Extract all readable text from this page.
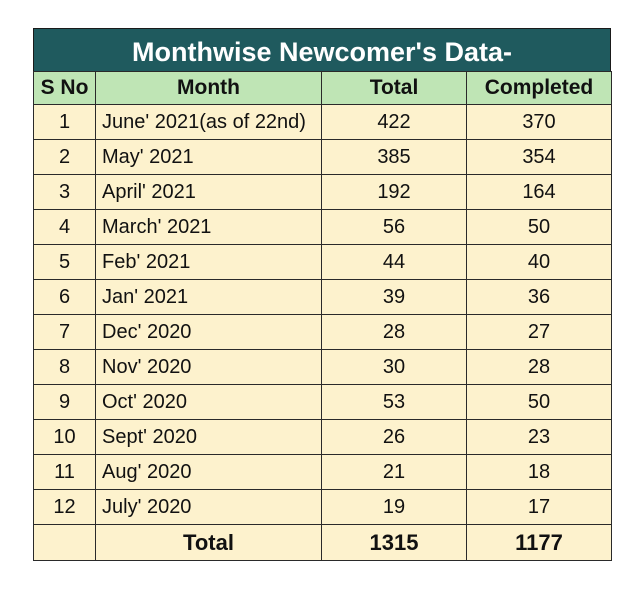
Monthwise Newcomer's Data-
S No	Month	Total	Completed
1	June' 2021(as of 22nd)	422	370
2	May' 2021	385	354
3	April' 2021	192	164
4	March' 2021	56	50
5	Feb' 2021	44	40
6	Jan' 2021	39	36
7	Dec' 2020	28	27
8	Nov' 2020	30	28
9	Oct' 2020	53	50
10	Sept' 2020	26	23
11	Aug' 2020	21	18
12	July' 2020	19	17
	Total	1315	1177
